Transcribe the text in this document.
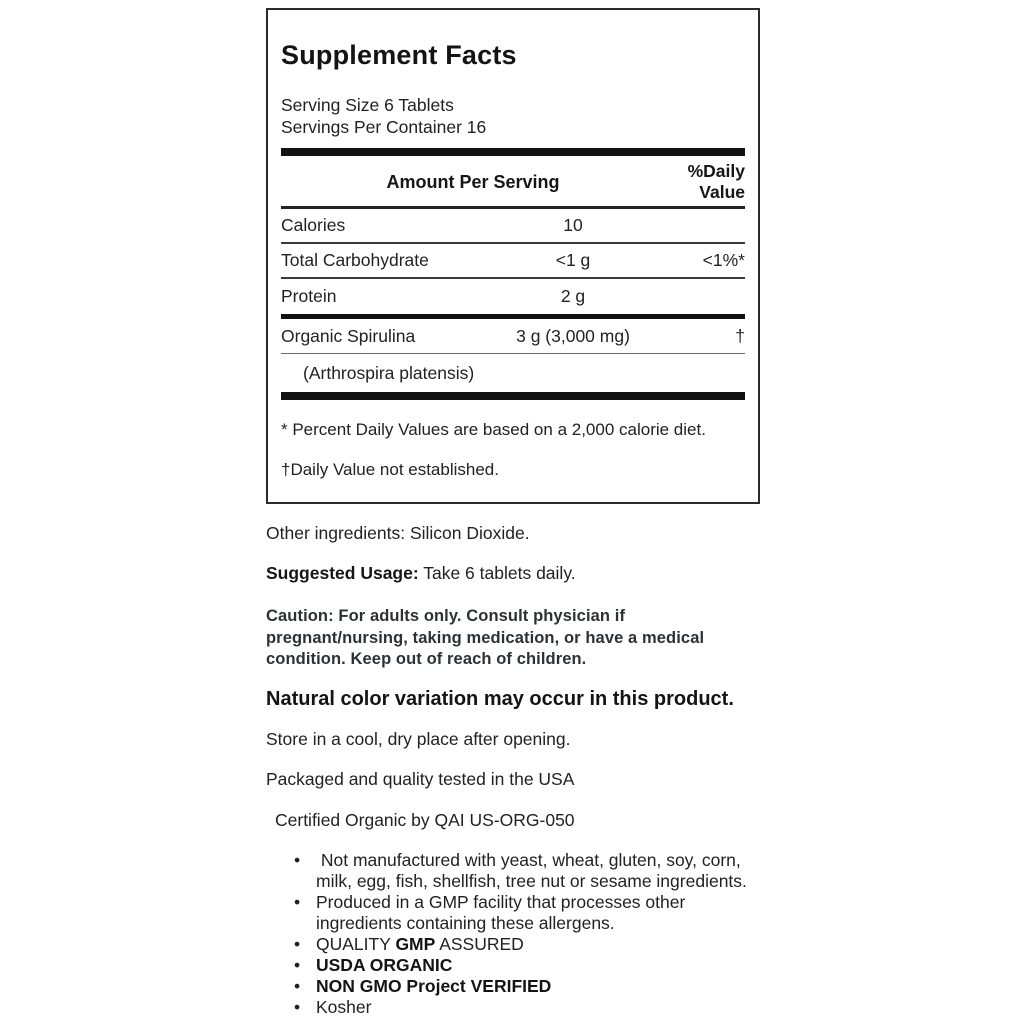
Supplement Facts
Serving Size 6 Tablets
Servings Per Container 16
Amount Per Serving
%Daily
Value
Calories	10
Total Carbohydrate	<1 g	<1%*
Protein	2 g
Organic Spirulina	3 g (3,000 mg)	†
(Arthrospira platensis)
* Percent Daily Values are based on a 2,000 calorie diet.
†Daily Value not established.
Other ingredients: Silicon Dioxide.
Suggested Usage: Take 6 tablets daily.
Caution: For adults only. Consult physician if pregnant/nursing, taking medication, or have a medical condition. Keep out of reach of children.
Natural color variation may occur in this product.
Store in a cool, dry place after opening.
Packaged and quality tested in the USA
Certified Organic by QAI US-ORG-050
• Not manufactured with yeast, wheat, gluten, soy, corn, milk, egg, fish, shellfish, tree nut or sesame ingredients.
• Produced in a GMP facility that processes other ingredients containing these allergens.
• QUALITY GMP ASSURED
• USDA ORGANIC
• NON GMO Project VERIFIED
• Kosher
